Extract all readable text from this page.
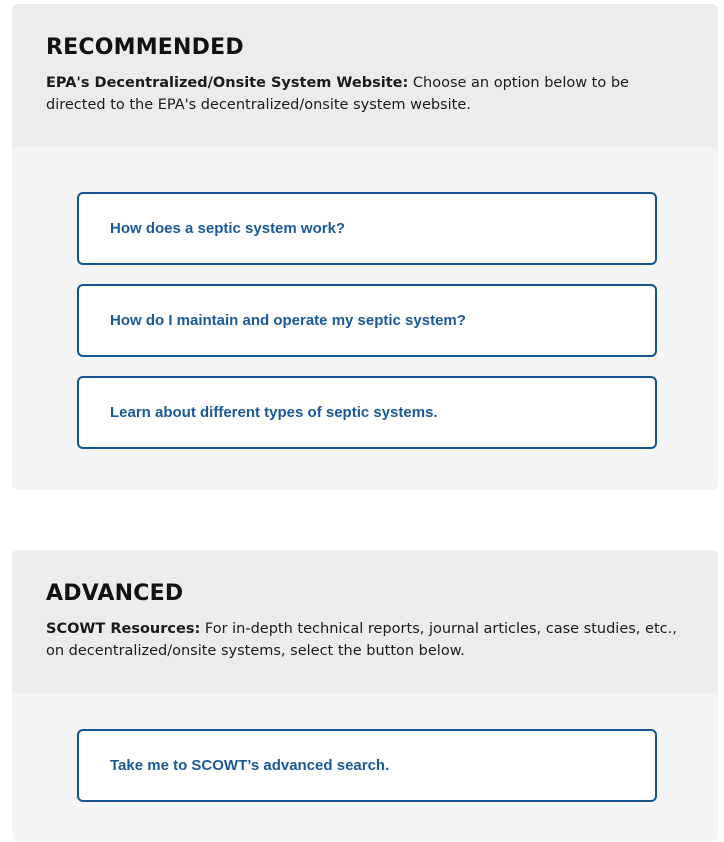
RECOMMENDED

EPA's Decentralized/Onsite System Website: Choose an option below to be directed to the EPA's decentralized/onsite system website.

How does a septic system work?
How do I maintain and operate my septic system?
Learn about different types of septic systems.
ADVANCED

SCOWT Resources: For in-depth technical reports, journal articles, case studies, etc., on decentralized/onsite systems, select the button below.

Take me to SCOWT’s advanced search.
